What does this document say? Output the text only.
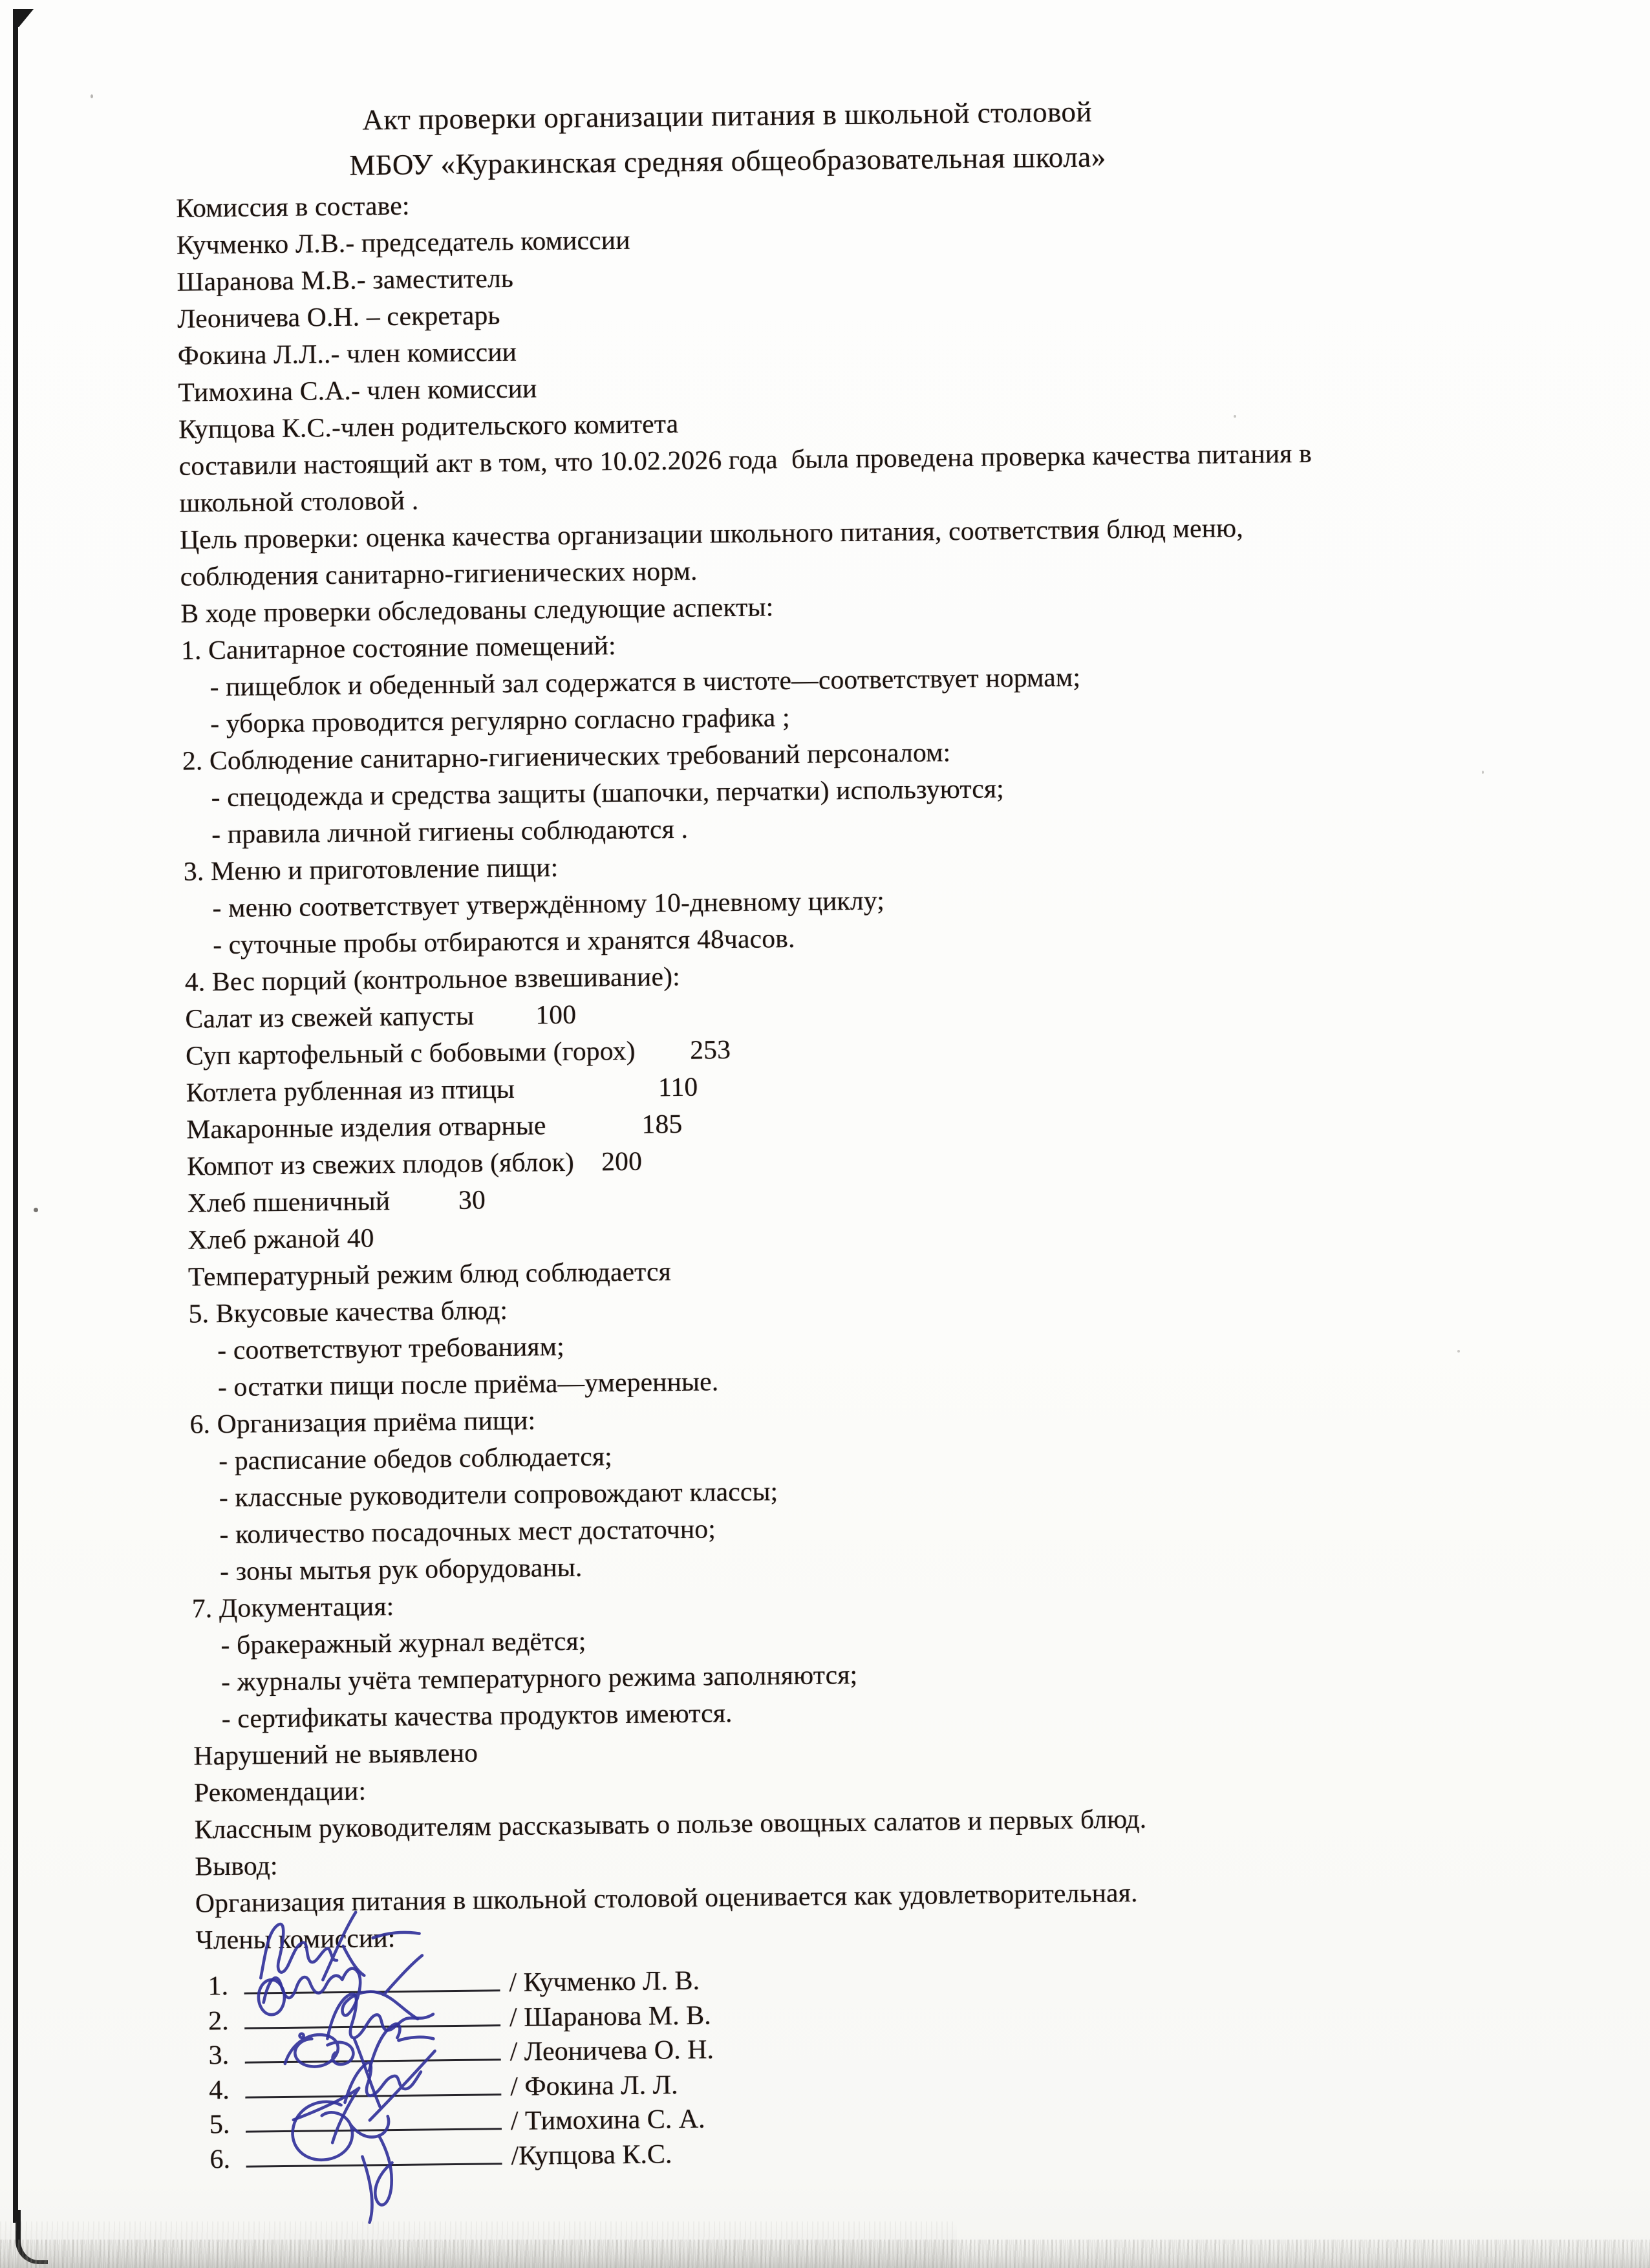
Акт проверки организации питания в школьной столовой
МБОУ «Куракинская средняя общеобразовательная школа»
Комиссия в составе:
Кучменко Л.В.- председатель комиссии
Шаранова М.В.- заместитель
Леоничева О.Н. – секретарь
Фокина Л.Л..- член комиссии
Тимохина С.А.- член комиссии
Купцова К.С.-член родительского комитета
составили настоящий акт в том, что 10.02.2026 года  была проведена проверка качества питания в
школьной столовой .
Цель проверки: оценка качества организации школьного питания, соответствия блюд меню,
соблюдения санитарно-гигиенических норм.
В ходе проверки обследованы следующие аспекты:
1. Санитарное состояние помещений:
- пищеблок и обеденный зал содержатся в чистоте—соответствует нормам;
- уборка проводится регулярно согласно графика ;
2. Соблюдение санитарно-гигиенических требований персоналом:
- спецодежда и средства защиты (шапочки, перчатки) используются;
- правила личной гигиены соблюдаются .
3. Меню и приготовление пищи:
- меню соответствует утверждённому 10-дневному циклу;
- суточные пробы отбираются и хранятся 48часов.
4. Вес порций (контрольное взвешивание):
Салат из свежей капусты         100
Суп картофельный с бобовыми (горох)        253
Котлета рубленная из птицы                     110
Макаронные изделия отварные              185
Компот из свежих плодов (яблок)    200
Хлеб пшеничный          30
Хлеб ржаной 40
Температурный режим блюд соблюдается
5. Вкусовые качества блюд:
- соответствуют требованиям;
- остатки пищи после приёма—умеренные.
6. Организация приёма пищи:
- расписание обедов соблюдается;
- классные руководители сопровождают классы;
- количество посадочных мест достаточно;
- зоны мытья рук оборудованы.
7. Документация:
- бракеражный журнал ведётся;
- журналы учёта температурного режима заполняются;
- сертификаты качества продуктов имеются.
Нарушений не выявлено
Рекомендации:
Классным руководителям рассказывать о пользе овощных салатов и первых блюд.
Вывод:
Организация питания в школьной столовой оценивается как удовлетворительная.
Члены комиссии:
1.	/ Кучменко Л. В.
2.	/ Шаранова М. В.
3.	/ Леоничева О. Н.
4.	/ Фокина Л. Л.
5.	/ Тимохина С. А.
6.	/Купцова К.С.
